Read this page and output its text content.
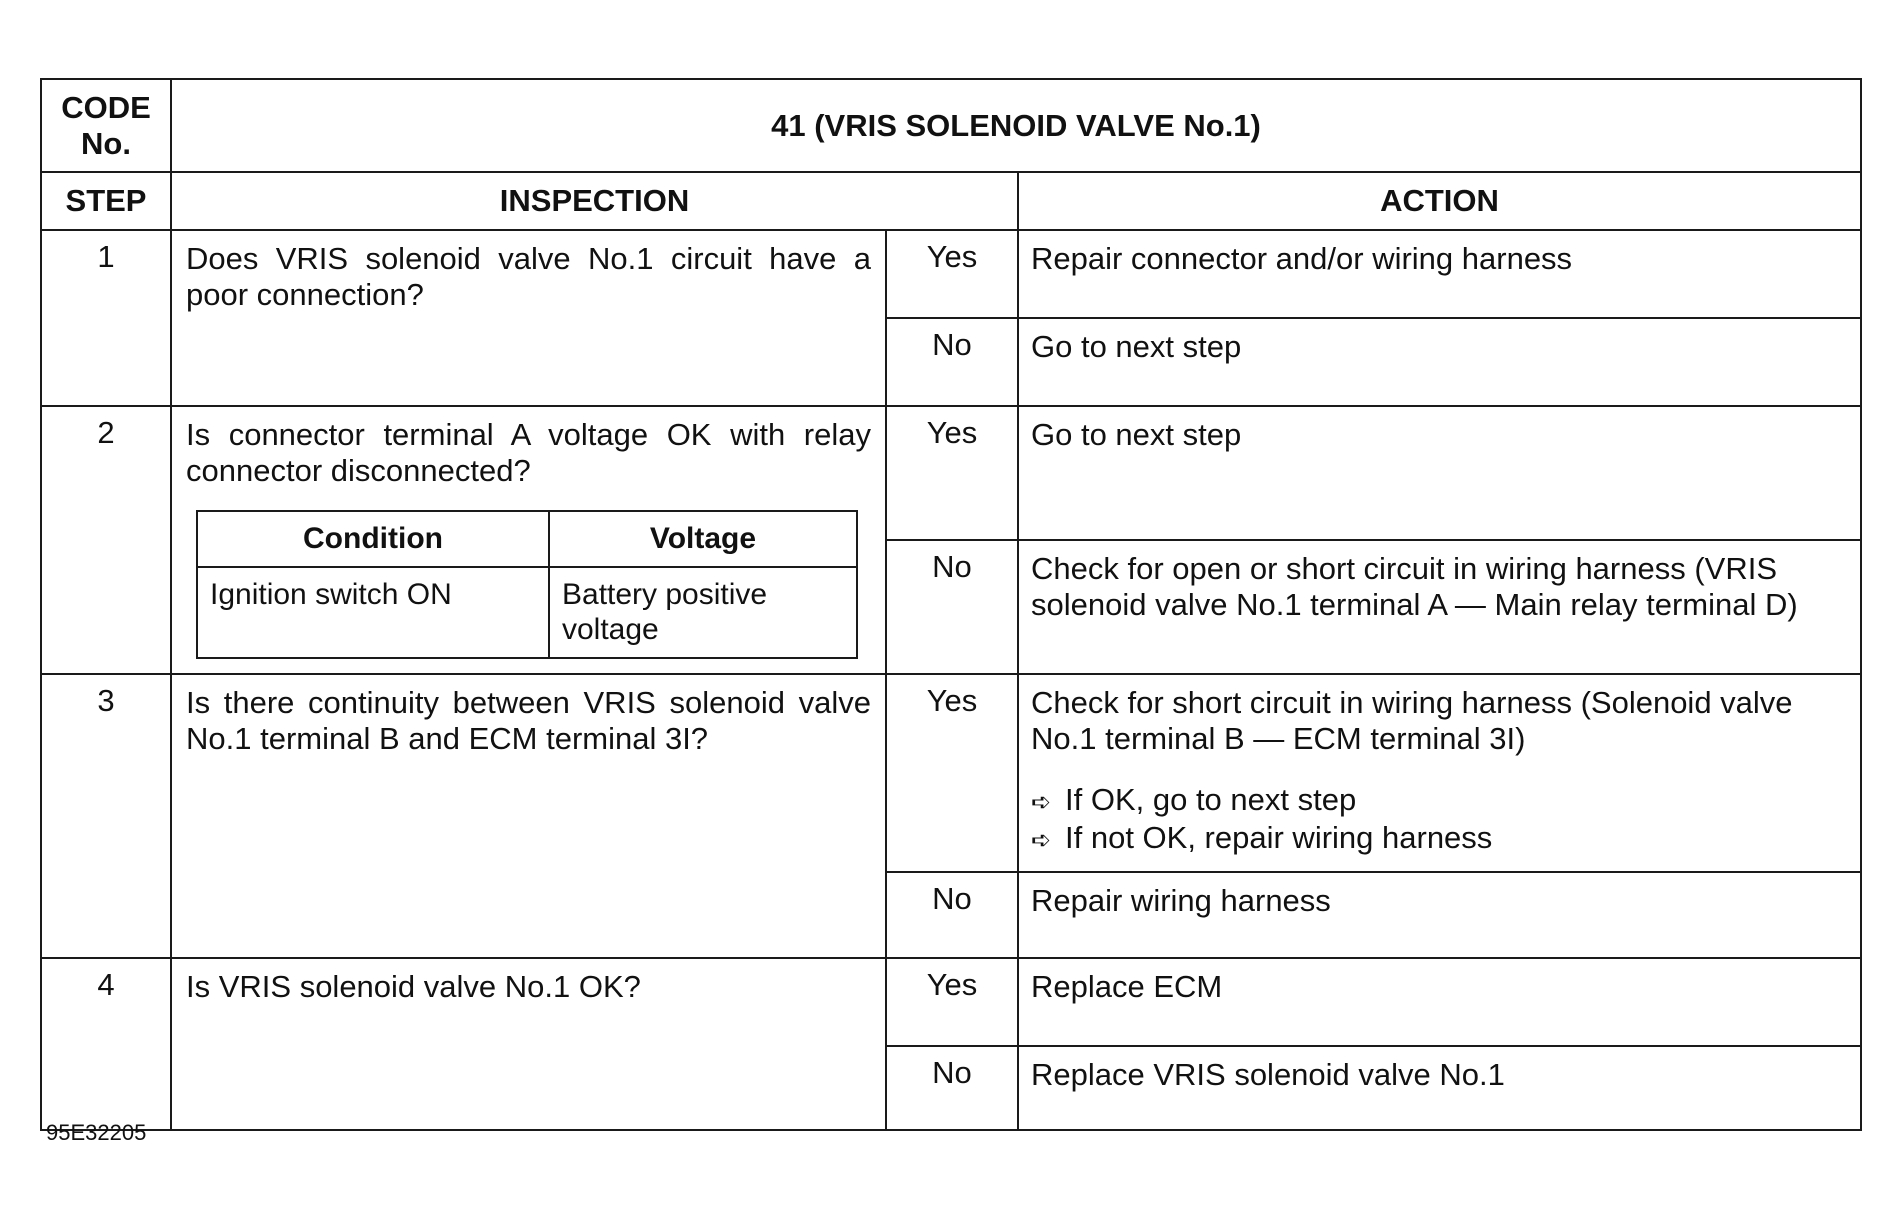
CODE No.	41 (VRIS SOLENOID VALVE No.1)
STEP	INSPECTION	ACTION
1	Does VRIS solenoid valve No.1 circuit have a poor connection?	Yes	Repair connector and/or wiring harness
No	Go to next step
2	Is connector terminal A voltage OK with relay connector disconnected?
Condition	Voltage
Ignition switch ON	Battery positive voltage
	Yes	Go to next step
No	Check for open or short circuit in wiring harness (VRIS solenoid valve No.1 terminal A — Main relay terminal D)
3	Is there continuity between VRIS solenoid valve No.1 terminal B and ECM terminal 3I?	Yes	Check for short circuit in wiring harness (Solenoid valve No.1 terminal B — ECM terminal 3I)
➪ If OK, go to next step
➪ If not OK, repair wiring harness

No	Repair wiring harness
4	Is VRIS solenoid valve No.1 OK?	Yes	Replace ECM
No	Replace VRIS solenoid valve No.1
95E32205
